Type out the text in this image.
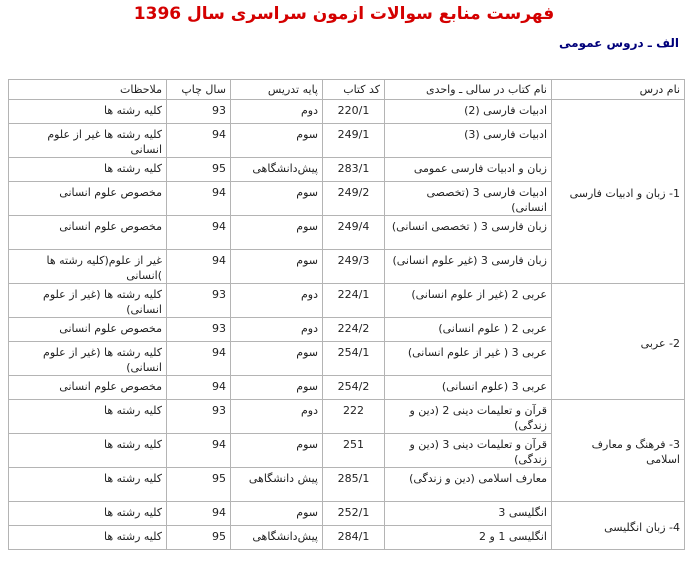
فهرست منابع سوالات ازمون سراسری سال 1396
الف ـ دروس عمومی
نام درس	نام کتاب در سالی ـ واحدی	کد کتاب	پایه تدریس	سال چاپ	ملاحظات
1- زبان و ادبیات فارسی	ادبیات فارسی (2)	220/1	دوم	93	کلیه رشته ها
	ادبیات فارسی (3)	249/1	سوم	94	کلیه رشته ها غیر از علوم انسانی
	زبان و ادبیات فارسی عمومی	283/1	پیش‌دانشگاهی	95	کلیه رشته ها
	ادبیات فارسی 3 (تخصصی انسانی)	249/2	سوم	94	مخصوص علوم انسانی
	زبان فارسی 3 ( تخصصی انسانی)	249/4	سوم	94	مخصوص علوم انسانی
	زبان فارسی 3 (غیر علوم انسانی)	249/3	سوم	94	غیر از علوم(کلیه رشته ها )انسانی
2- عربی	عربی 2 (غیر از علوم انسانی)	224/1	دوم	93	کلیه رشته ها (غیر از علوم انسانی)
	عربی 2 ( علوم انسانی)	224/2	دوم	93	مخصوص علوم انسانی
	عربی 3 ( غیر از علوم انسانی)	254/1	سوم	94	کلیه رشته ها (غیر از علوم انسانی)
	عربی 3 (علوم انسانی)	254/2	سوم	94	مخصوص علوم انسانی
3- فرهنگ و معارف اسلامی	قرآن و تعلیمات دینی 2 (دین و زندگی)	222	دوم	93	کلیه رشته ها
	قرآن و تعلیمات دینی 3 (دین و زندگی)	251	سوم	94	کلیه رشته ها
	معارف اسلامی (دین و زندگی)	285/1	پیش دانشگاهی	95	کلیه رشته ها
4- زبان انگلیسی	انگلیسی 3	252/1	سوم	94	کلیه رشته ها
	انگلیسی 1 و 2	284/1	پیش‌دانشگاهی	95	کلیه رشته ها
